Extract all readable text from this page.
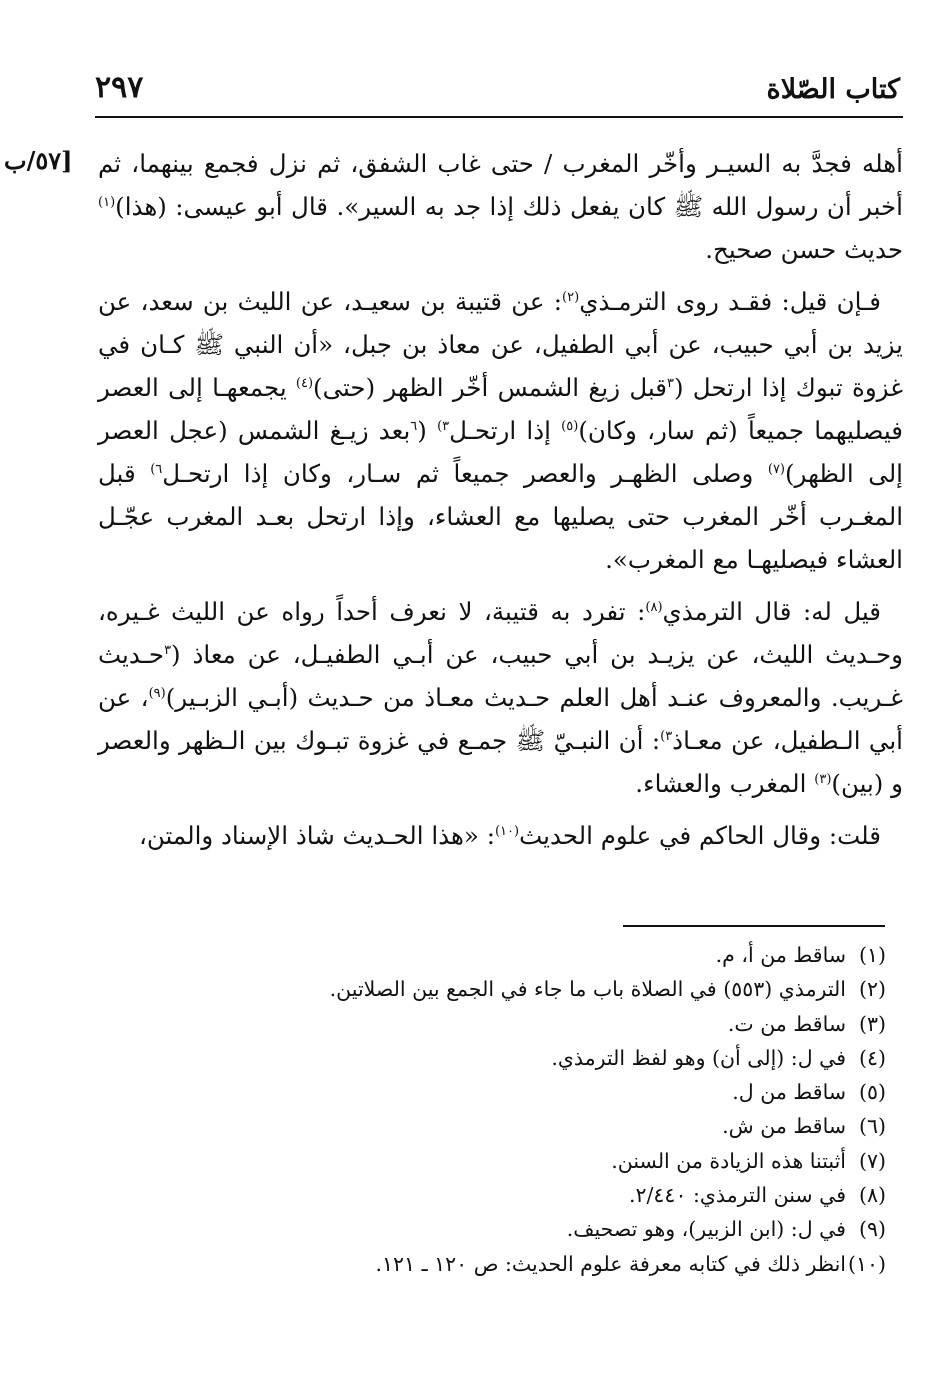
كتاب الصّلاة
٢٩٧
[٥٧/ب أهله فجدَّ به السيـر وأخّر المغرب / حتى غاب الشفق، ثم نزل فجمع بينهما، ثم أخبر أن رسول الله ﷺ كان يفعل ذلك إذا جد به السير». قال أبو عيسى: (هذا)$^{(١)}$ حديث حسن صحيح.

فـإن قيل: فقـد روى الترمـذي$^{(٢)}$: عن قتيبة بن سعيـد، عن الليث بن سعد، عن يزيد بن أبي حبيب، عن أبي الطفيل، عن معاذ بن جبل، «أن النبي ﷺ كـان في غزوة تبوك إذا ارتحل ($^٣$قبل زيغ الشمس أخّر الظهر (حتى)$^{(٤)}$ يجمعهـا إلى العصر فيصليهما جميعاً (ثم سار، وكان)$^{(٥)}$ إذا ارتحـل$^{٣)}$ ($^٦$بعد زيـغ الشمس (عجل العصر إلى الظهر)$^{(٧)}$ وصلى الظهـر والعصر جميعاً ثم سـار، وكان إذا ارتحـل$^{٦)}$ قبل المغـرب أخّر المغرب حتى يصليها مع العشاء، وإذا ارتحل بعـد المغرب عجّـل العشاء فيصليهـا مع المغرب».

قيل له: قال الترمذي$^{(٨)}$: تفرد به قتيبة، لا نعرف أحداً رواه عن الليث غـيره، وحـديث الليث، عن يزيـد بن أبي حبيب، عن أبـي الطفيـل، عن معاذ ($^٣$حـديث غـريب. والمعروف عنـد أهل العلم حـديث معـاذ من حـديث (أبـي الزبـير)$^{(٩)}$، عن أبي الـطفيل، عن معـاذ$^{٣)}$: أن النبـيّ ﷺ جمـع في غزوة تبـوك بين الـظهر والعصر و (بين)$^{(٣)}$ المغرب والعشاء.

قلت: وقال الحاكم في علوم الحديث$^{(١٠)}$: «هذا الحـديث شاذ الإسناد والمتن،

(١)
ساقط من أ، م.
(٢)
الترمذي (٥٥٣) في الصلاة باب ما جاء في الجمع بين الصلاتين.
(٣)
ساقط من ت.
(٤)
في ل: (إلى أن) وهو لفظ الترمذي.
(٥)
ساقط من ل.
(٦)
ساقط من ش.
(٧)
أثبتنا هذه الزيادة من السنن.
(٨)
في سنن الترمذي: ٢/٤٤٠.
(٩)
في ل: (ابن الزبير)، وهو تصحيف.
(١٠)
انظر ذلك في كتابه معرفة علوم الحديث: ص ١٢٠ ـ ١٢١.
